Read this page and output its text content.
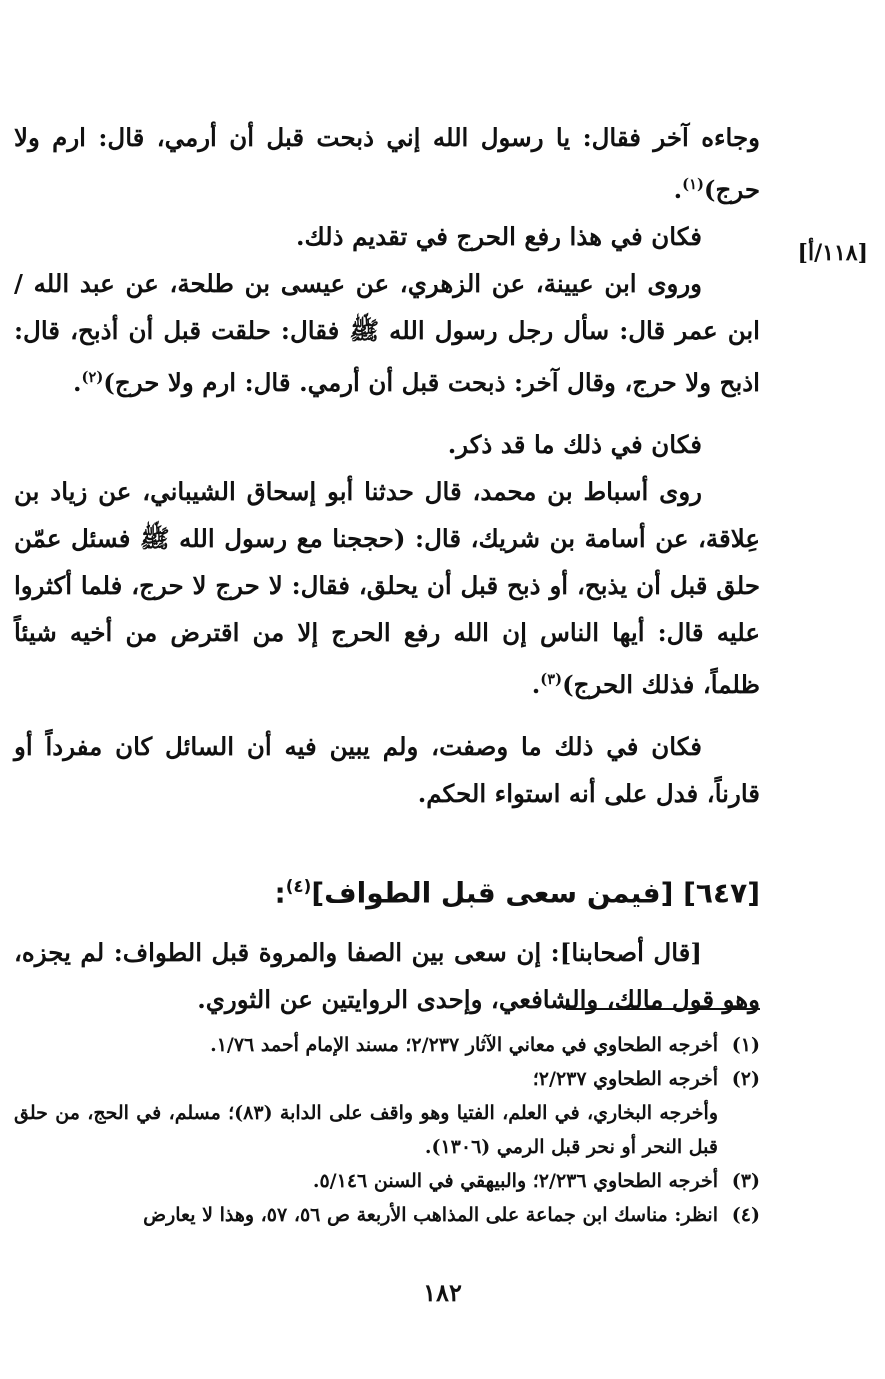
[١١٨/أ]

وجاءه آخر فقال: يا رسول الله إني ذبحت قبل أن أرمي، قال: ارم ولا حرج)$^{(١)}$.

فكان في هذا رفع الحرج في تقديم ذلك.

وروى ابن عيينة، عن الزهري، عن عيسى بن طلحة، عن عبد الله / ابن عمر قال: سأل رجل رسول الله ﷺ فقال: حلقت قبل أن أذبح، قال: اذبح ولا حرج، وقال آخر: ذبحت قبل أن أرمي. قال: ارم ولا حرج)$^{(٢)}$.

فكان في ذلك ما قد ذكر.

روى أسباط بن محمد، قال حدثنا أبو إسحاق الشيباني، عن زياد بن عِلاقة، عن أسامة بن شريك، قال: (حججنا مع رسول الله ﷺ فسئل عمّن حلق قبل أن يذبح، أو ذبح قبل أن يحلق، فقال: لا حرج لا حرج، فلما أكثروا عليه قال: أيها الناس إن الله رفع الحرج إلا من اقترض من أخيه شيئاً ظلماً، فذلك الحرج)$^{(٣)}$.

فكان في ذلك ما وصفت، ولم يبين فيه أن السائل كان مفرداً أو قارناً، فدل على أنه استواء الحكم.

[٦٤٧] [فيمن سعى قبل الطواف]$^{(٤)}$:

[قال أصحابنا]: إن سعى بين الصفا والمروة قبل الطواف: لم يجزه، وهو قول مالك، والشافعي، وإحدى الروايتين عن الثوري.

(١)أخرجه الطحاوي في معاني الآثار ٢/٢٣٧؛ مسند الإمام أحمد ١/٧٦.

(٢)أخرجه الطحاوي ٢/٢٣٧؛

وأخرجه البخاري، في العلم، الفتيا وهو واقف على الدابة (٨٣)؛ مسلم، في الحج، من حلق قبل النحر أو نحر قبل الرمي (١٣٠٦).

(٣)أخرجه الطحاوي ٢/٢٣٦؛ والبيهقي في السنن ٥/١٤٦.

(٤)انظر: مناسك ابن جماعة على المذاهب الأربعة ص ٥٦، ٥٧، وهذا لا يعارض

١٨٢
